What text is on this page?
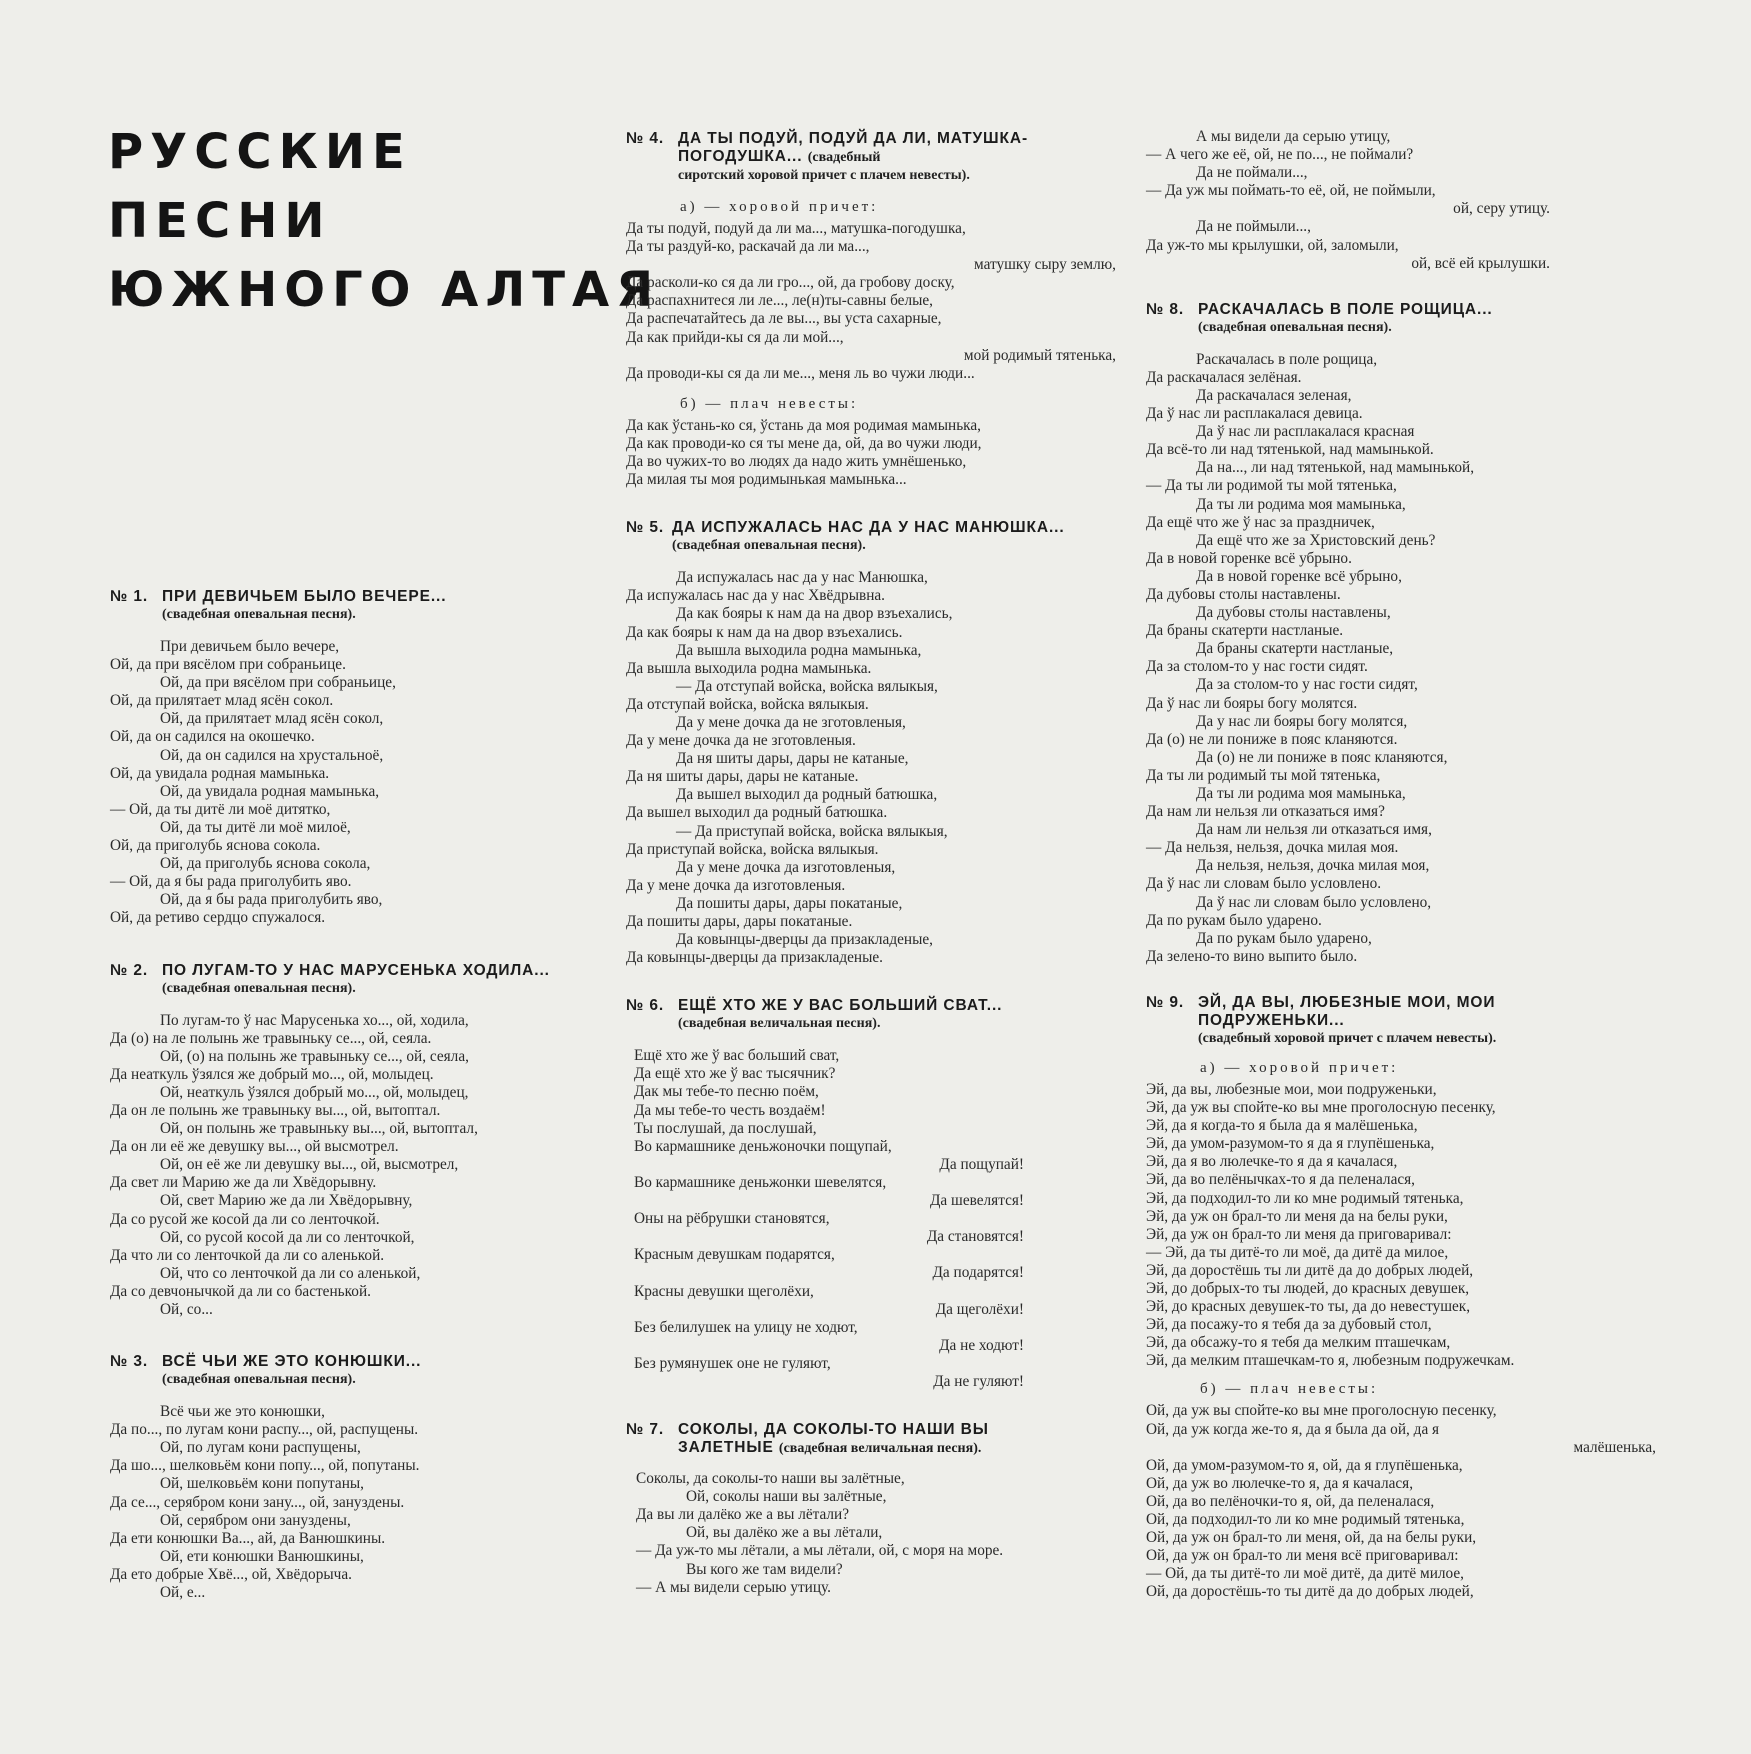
РУССКИЕ
ПЕСНИ
ЮЖНОГО АЛТАЯ
№ 1. ПРИ ДЕВИЧЬЕМ БЫЛО ВЕЧЕРЕ...
(свадебная опевальная песня).
При девичьем было вечере,
Ой, да при вясёлом при собраньице.
Ой, да при вясёлом при собраньице,
Ой, да прилятает млад ясён сокол.
Ой, да прилятает млад ясён сокол,
Ой, да он садился на окошечко.
Ой, да он садился на хрустальноё,
Ой, да увидала родная мамынька.
Ой, да увидала родная мамынька,
— Ой, да ты дитё ли моё дитятко,
Ой, да ты дитё ли моё милоё,
Ой, да приголубь яснова сокола.
Ой, да приголубь яснова сокола,
— Ой, да я бы рада приголубить яво.
Ой, да я бы рада приголубить яво,
Ой, да ретиво сердцо спужалося.
№ 2. ПО ЛУГАМ-ТО У НАС МАРУСЕНЬКА ХОДИЛА...
(свадебная опевальная песня).
По лугам-то ў нас Марусенька хо..., ой, ходила,
Да (о) на ле полынь же травыньку се..., ой, сеяла.
Ой, (о) на полынь же травыньку се..., ой, сеяла,
Да неаткуль ўзялся же добрый мо..., ой, молыдец.
Ой, неаткуль ўзялся добрый мо..., ой, молыдец,
Да он ле полынь же травыньку вы..., ой, вытоптал.
Ой, он полынь же травыньку вы..., ой, вытоптал,
Да он ли её же девушку вы..., ой высмотрел.
Ой, он её же ли девушку вы..., ой, высмотрел,
Да свет ли Марию же да ли Хвёдорывну.
Ой, свет Марию же да ли Хвёдорывну,
Да со русой же косой да ли со ленточкой.
Ой, со русой косой да ли со ленточкой,
Да что ли со ленточкой да ли со аленькой.
Ой, что со ленточкой да ли со аленькой,
Да со девчонычкой да ли со бастенькой.
Ой, со...
№ 3. ВСЁ ЧЬИ ЖЕ ЭТО КОНЮШКИ...
(свадебная опевальная песня).
Всё чьи же это конюшки,
Да по..., по лугам кони распу..., ой, распущены.
Ой, по лугам кони распущены,
Да шо..., шелковьём кони попу..., ой, попутаны.
Ой, шелковьём кони попутаны,
Да се..., серябром кони зану..., ой, зануздены.
Ой, серябром они зануздены,
Да ети конюшки Ва..., ай, да Ванюшкины.
Ой, ети конюшки Ванюшкины,
Да ето добрые Хвё..., ой, Хвёдорыча.
Ой, е...
№ 4. ДА ТЫ ПОДУЙ, ПОДУЙ ДА ЛИ, МАТУШКА-ПОГОДУШКА... (свадебный
сиротский хоровой причет с плачем невесты).
а) — хоровой причет:
Да ты подуй, подуй да ли ма..., матушка-погодушка,
Да ты раздуй-ко, раскачай да ли ма...,
матушку сыру землю,
Да расколи-ко ся да ли гро..., ой, да гробову доску,
Да распахнитеся ли ле..., ле(н)ты-савны белые,
Да распечатайтесь да ле вы..., вы уста сахарные,
Да как прийди-кы ся да ли мой...,
мой родимый тятенька,
Да проводи-кы ся да ли ме..., меня ль во чужи люди...
б) — плач невесты:
Да как ўстань-ко ся, ўстань да моя родимая мамынька,
Да как проводи-ко ся ты мене да, ой, да во чужи люди,
Да во чужих-то во людях да надо жить умнёшенько,
Да милая ты моя родимынькая мамынька...
№ 5. ДА ИСПУЖАЛАСЬ НАС ДА У НАС МАНЮШКА...
(свадебная опевальная песня).
Да испужалась нас да у нас Манюшка,
Да испужалась нас да у нас Хвёдрывна.
Да как бояры к нам да на двор взъехались,
Да как бояры к нам да на двор взъехались.
Да вышла выходила родна мамынька,
Да вышла выходила родна мамынька.
— Да отступай войска, войска вялыкыя,
Да отступай войска, войска вялыкыя.
Да у мене дочка да не зготовленыя,
Да у мене дочка да не зготовленыя.
Да ня шиты дары, дары не катаные,
Да ня шиты дары, дары не катаные.
Да вышел выходил да родный батюшка,
Да вышел выходил да родный батюшка.
— Да приступай войска, войска вялыкыя,
Да приступай войска, войска вялыкыя.
Да у мене дочка да изготовленыя,
Да у мене дочка да изготовленыя.
Да пошиты дары, дары покатаные,
Да пошиты дары, дары покатаные.
Да ковынцы-дверцы да призакладеные,
Да ковынцы-дверцы да призакладеные.
№ 6. ЕЩЁ ХТО ЖЕ У ВАС БОЛЬШИЙ СВАТ...
(свадебная величальная песня).
Ещё хто же ў вас больший сват,
Да ещё хто же ў вас тысячник?
Дак мы тебе-то песню поём,
Да мы тебе-то честь воздаём!
Ты послушай, да послушай,
Во кармашнике деньжоночки пощупай,
Да пощупай!
Во кармашнике деньжонки шевелятся,
Да шевелятся!
Оны на рёбрушки становятся,
Да становятся!
Красным девушкам подарятся,
Да подарятся!
Красны девушки щеголёхи,
Да щеголёхи!
Без белилушек на улицу не ходют,
Да не ходют!
Без румянушек оне не гуляют,
Да не гуляют!
№ 7. СОКОЛЫ, ДА СОКОЛЫ-ТО НАШИ ВЫ ЗАЛЕТНЫЕ (свадебная величальная песня).
Соколы, да соколы-то наши вы залётные,
Ой, соколы наши вы залётные,
Да вы ли далёко же а вы лётали?
Ой, вы далёко же а вы лётали,
— Да уж-то мы лётали, а мы лётали, ой, с моря на море.
Вы кого же там видели?
— А мы видели серыю утицу.
А мы видели да серыю утицу,
— А чего же её, ой, не по..., не поймали?
Да не поймали...,
— Да уж мы поймать-то её, ой, не поймыли,
ой, серу утицу.
Да не поймыли...,
Да уж-то мы крылушки, ой, заломыли,
ой, всё ей крылушки.
№ 8. РАСКАЧАЛАСЬ В ПОЛЕ РОЩИЦА...
(свадебная опевальная песня).
Раскачалась в поле рощица,
Да раскачалася зелёная.
Да раскачалася зеленая,
Да ў нас ли расплакалася девица.
Да ў нас ли расплакалася красная
Да всё-то ли над тятенькой, над мамынькой.
Да на..., ли над тятенькой, над мамынькой,
— Да ты ли родимой ты мой тятенька,
Да ты ли родима моя мамынька,
Да ещё что же ў нас за праздничек,
Да ещё что же за Христовский день?
Да в новой горенке всё убрыно.
Да в новой горенке всё убрыно,
Да дубовы столы наставлены.
Да дубовы столы наставлены,
Да браны скатерти настланые.
Да браны скатерти настланые,
Да за столом-то у нас гости сидят.
Да за столом-то у нас гости сидят,
Да ў нас ли бояры богу молятся.
Да у нас ли бояры богу молятся,
Да (о) не ли пониже в пояс кланяются.
Да (о) не ли пониже в пояс кланяются,
Да ты ли родимый ты мой тятенька,
Да ты ли родима моя мамынька,
Да нам ли нельзя ли отказаться имя?
Да нам ли нельзя ли отказаться имя,
— Да нельзя, нельзя, дочка милая моя.
Да нельзя, нельзя, дочка милая моя,
Да ў нас ли словам было условлено.
Да ў нас ли словам было условлено,
Да по рукам было ударено.
Да по рукам было ударено,
Да зелено-то вино выпито было.
№ 9. ЭЙ, ДА ВЫ, ЛЮБЕЗНЫЕ МОИ, МОИ ПОДРУЖЕНЬКИ...
(свадебный хоровой причет с плачем невесты).
а) — хоровой причет:
Эй, да вы, любезные мои, мои подруженьки,
Эй, да уж вы спойте-ко вы мне проголосную песенку,
Эй, да я когда-то я была да я малёшенька,
Эй, да умом-разумом-то я да я глупёшенька,
Эй, да я во люлечке-то я да я качалася,
Эй, да во пелёнычках-то я да пеленалася,
Эй, да подходил-то ли ко мне родимый тятенька,
Эй, да уж он брал-то ли меня да на белы руки,
Эй, да уж он брал-то ли меня да приговаривал:
— Эй, да ты дитё-то ли моё, да дитё да милое,
Эй, да дорост​ёшь ты ли дитё да до добрых людей,
Эй, до добрых-то ты людей, до красных девушек,
Эй, до красных девушек-то ты, да до невестушек,
Эй, да посажу-то я тебя да за дубовый стол,
Эй, да обсажу-то я тебя да мелким пташечкам,
Эй, да мелким пташечкам-то я, любезным подружечкам.
б) — плач невесты:
Ой, да уж вы спойте-ко вы мне проголосную песенку,
Ой, да уж когда же-то я, да я была да ой, да я
малёшенька,
Ой, да умом-разумом-то я, ой, да я глупёшенька,
Ой, да уж во люлечке-то я, да я качалася,
Ой, да во пелёночки-то я, ой, да пеленалася,
Ой, да подходил-то ли ко мне родимый тятенька,
Ой, да уж он брал-то ли меня, ой, да на белы руки,
Ой, да уж он брал-то ли меня всё приговаривал:
— Ой, да ты дитё-то ли моё дитё, да дитё милое,
Ой, да дорост​ёшь-то ты дитё да до добрых людей,
